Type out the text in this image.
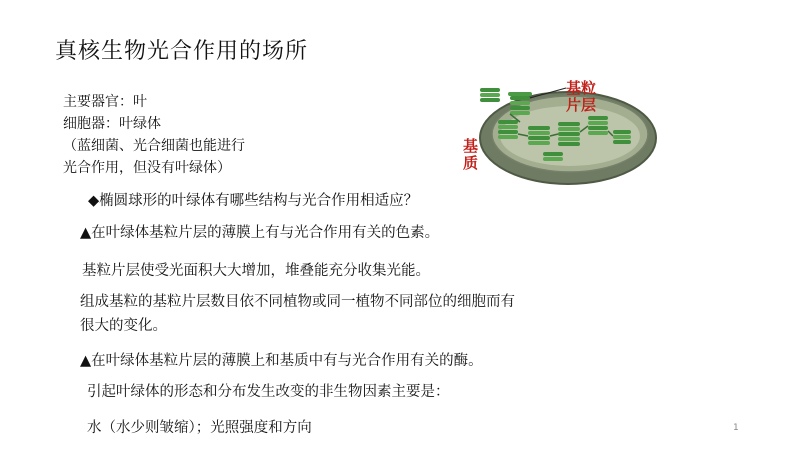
真核生物光合作用的场所
主要器官：叶
细胞器：叶绿体
（蓝细菌、光合细菌也能进行
光合作用，但没有叶绿体）
基粒片层
基质
◆椭圆球形的叶绿体有哪些结构与光合作用相适应？
▲在叶绿体基粒片层的薄膜上有与光合作用有关的色素。
基粒片层使受光面积大大增加，堆叠能充分收集光能。
组成基粒的基粒片层数目依不同植物或同一植物不同部位的细胞而有
很大的变化。
▲在叶绿体基粒片层的薄膜上和基质中有与光合作用有关的酶。
引起叶绿体的形态和分布发生改变的非生物因素主要是：
水（水少则皱缩）；光照强度和方向	1
